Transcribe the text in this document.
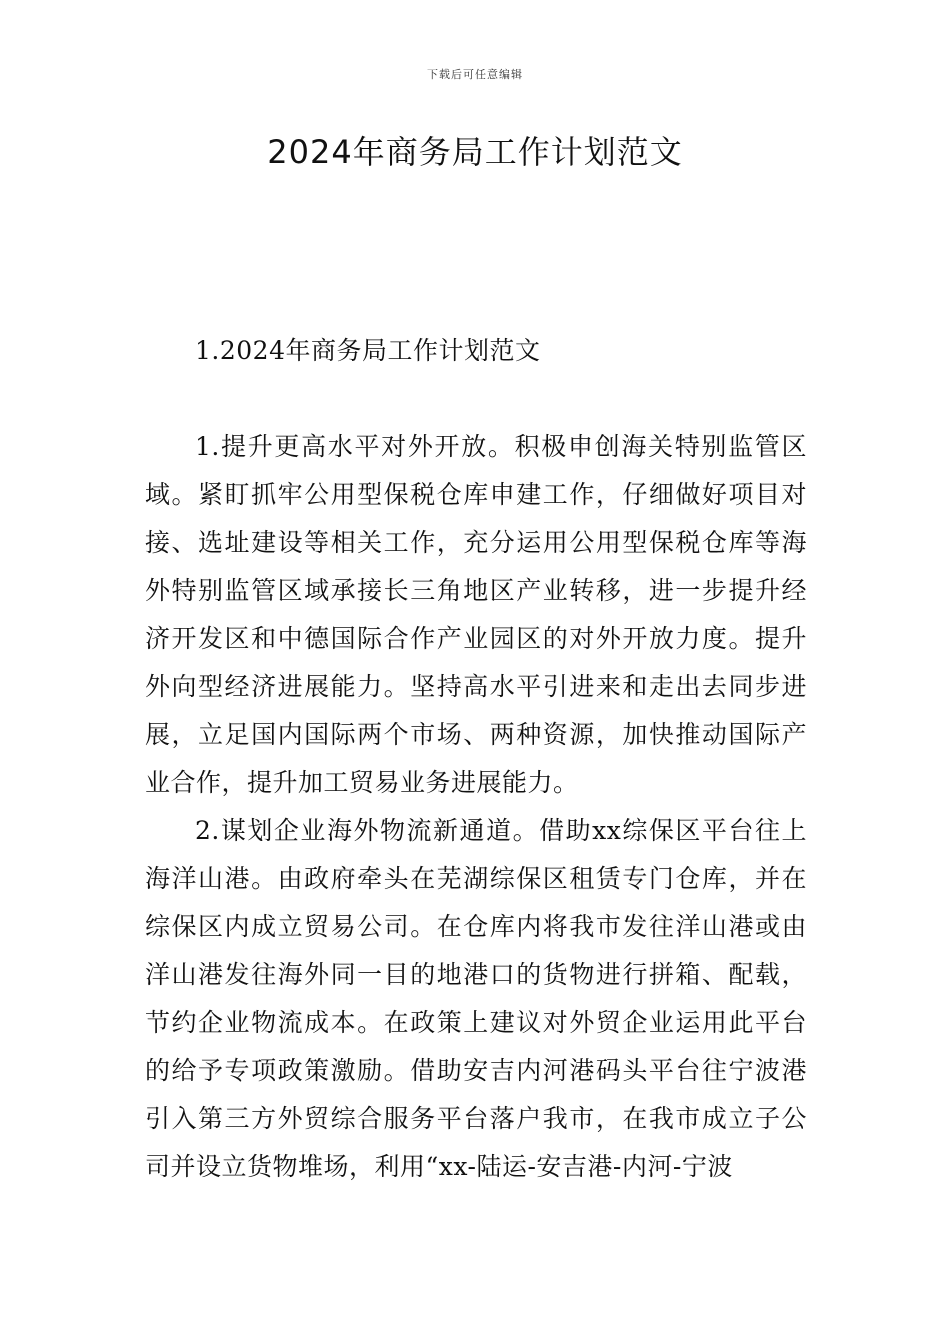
下载后可任意编辑
2024年商务局工作计划范文

1.2024年商务局工作计划范文

1.提升更高水平对外开放。积极申创海关特别监管区域。紧盯抓牢公用型保税仓库申建工作，仔细做好项目对接、选址建设等相关工作，充分运用公用型保税仓库等海外特别监管区域承接长三角地区产业转移，进一步提升经济开发区和中德国际合作产业园区的对外开放力度。提升外向型经济进展能力。坚持高水平引进来和走出去同步进展，立足国内国际两个市场、两种资源，加快推动国际产业合作，提升加工贸易业务进展能力。

2.谋划企业海外物流新通道。借助xx综保区平台往上海洋山港。由政府牵头在芜湖综保区租赁专门仓库，并在综保区内成立贸易公司。在仓库内将我市发往洋山港或由洋山港发往海外同一目的地港口的货物进行拼箱、配载，节约企业物流成本。在政策上建议对外贸企业运用此平台的给予专项政策激励。借助安吉内河港码头平台往宁波港引入第三方外贸综合服务平台落户我市，在我市成立子公司并设立货物堆场，利用“xx-陆运-安吉港-内河-宁波
